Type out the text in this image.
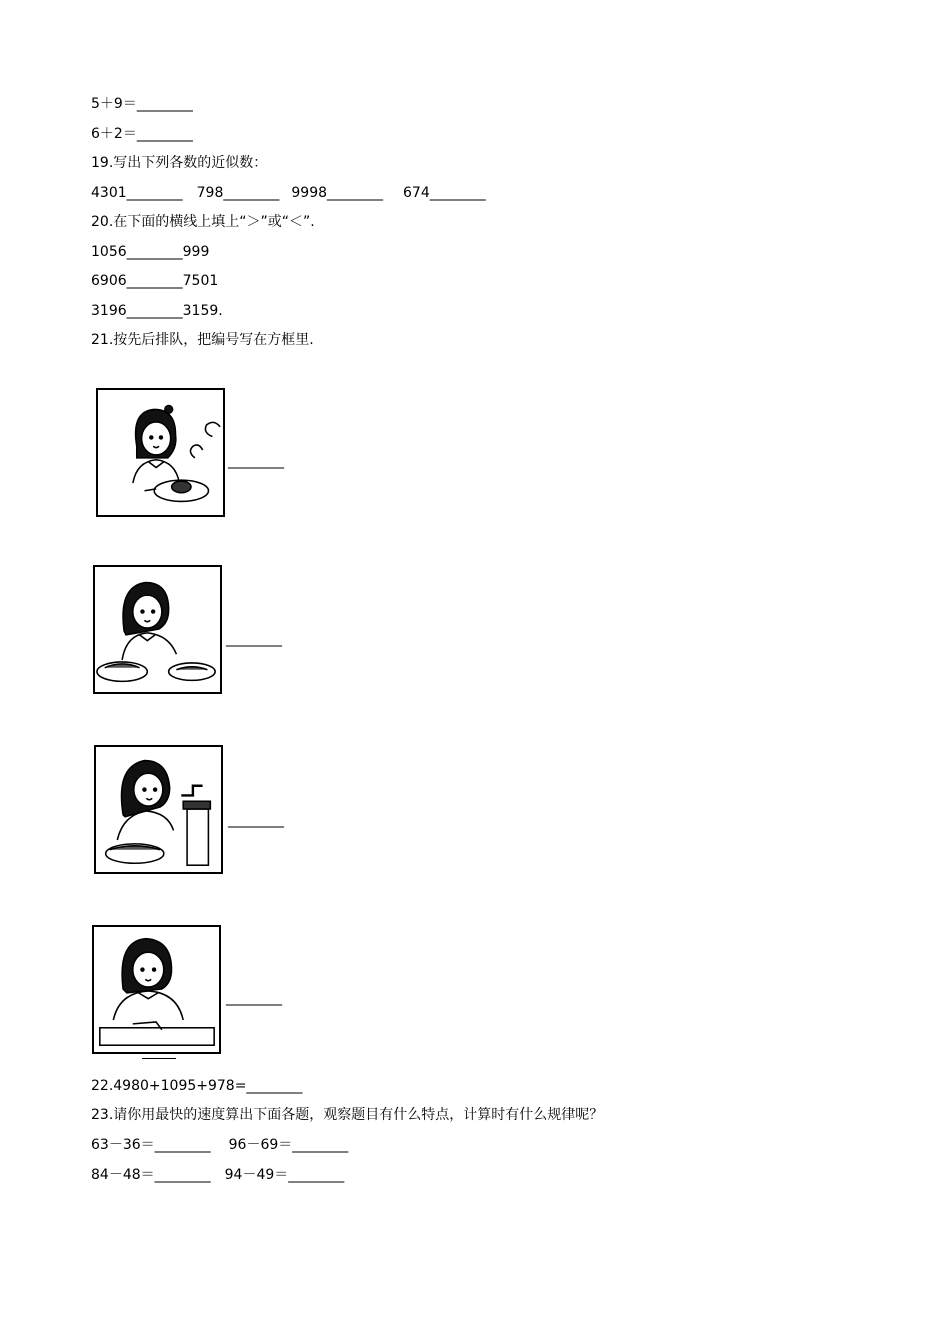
5＋9＝________
6＋2＝________
19.写出下列各数的近似数：
4301________ 798________ 9998________ 674________
20.在下面的横线上填上“＞”或“＜”.
1056________999
6906________7501
3196________3159.
21.按先后排队，把编号写在方框里.
________
________
________
________
22.4980+1095+978=________
23.请你用最快的速度算出下面各题，观察题目有什么特点，计算时有什么规律呢？
63－36＝________ 96－69＝________
84－48＝________ 94－49＝________
